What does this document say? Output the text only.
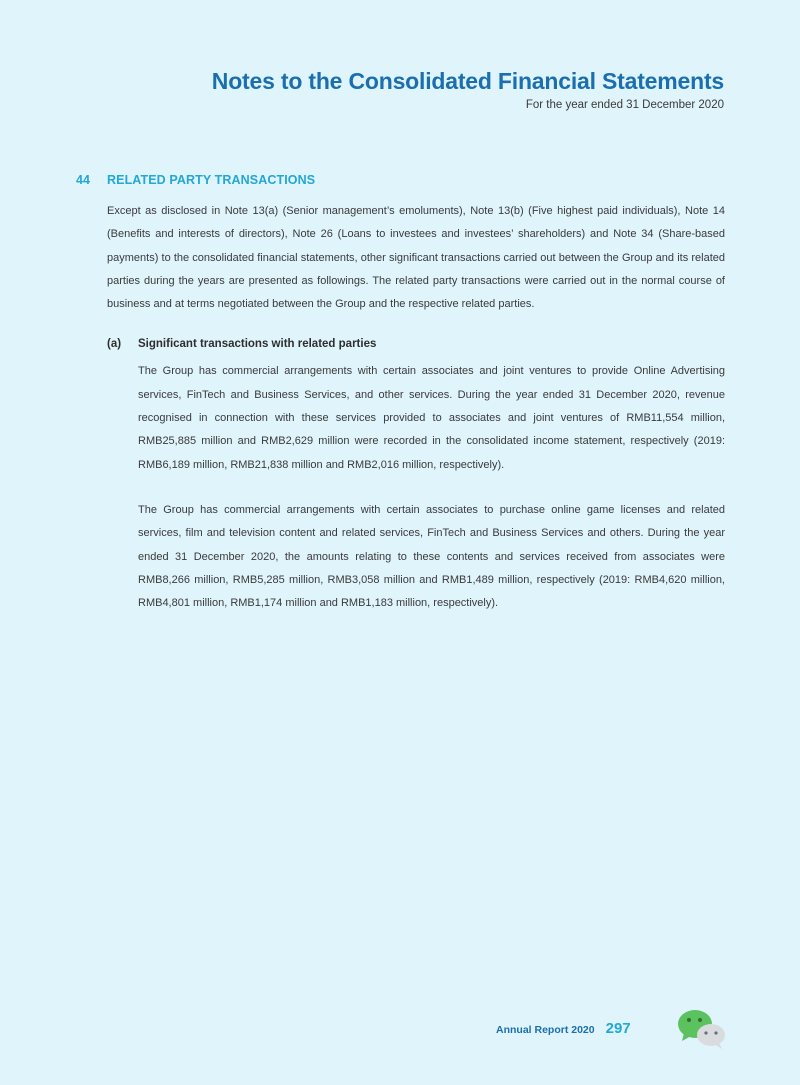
Notes to the Consolidated Financial Statements
For the year ended 31 December 2020
44	RELATED PARTY TRANSACTIONS

Except as disclosed in Note 13(a) (Senior management’s emoluments), Note 13(b) (Five highest paid individuals), Note 14 (Benefits and interests of directors), Note 26 (Loans to investees and investees’ shareholders) and Note 34 (Share-based payments) to the consolidated financial statements, other significant transactions carried out between the Group and its related parties during the years are presented as followings. The related party transactions were carried out in the normal course of business and at terms negotiated between the Group and the respective related parties.

(a)	Significant transactions with related parties

The Group has commercial arrangements with certain associates and joint ventures to provide Online Advertising services, FinTech and Business Services, and other services. During the year ended 31 December 2020, revenue recognised in connection with these services provided to associates and joint ventures of RMB11,554 million, RMB25,885 million and RMB2,629 million were recorded in the consolidated income statement, respectively (2019: RMB6,189 million, RMB21,838 million and RMB2,016 million, respectively).

The Group has commercial arrangements with certain associates to purchase online game licenses and related services, film and television content and related services, FinTech and Business Services and others. During the year ended 31 December 2020, the amounts relating to these contents and services received from associates were RMB8,266 million, RMB5,285 million, RMB3,058 million and RMB1,489 million, respectively (2019: RMB4,620 million, RMB4,801 million, RMB1,174 million and RMB1,183 million, respectively).

Annual Report 2020 297
